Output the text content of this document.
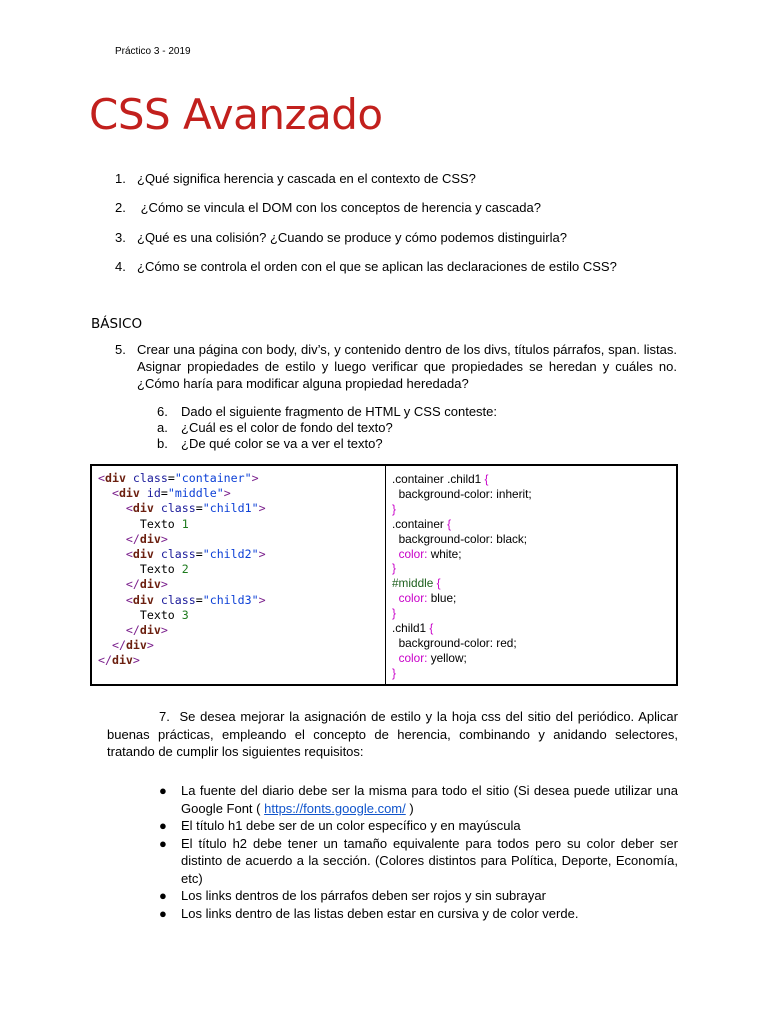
Práctico 3 - 2019
CSS Avanzado
1. ¿Qué significa herencia y cascada en el contexto de CSS?
2. ¿Cómo se vincula el DOM con los conceptos de herencia y cascada?
3. ¿Qué es una colisión? ¿Cuando se produce y cómo podemos distinguirla?
4. ¿Cómo se controla el orden con el que se aplican las declaraciones de estilo CSS?
BÁSICO
5. Crear una página con body, div’s, y contenido dentro de los divs, títulos párrafos, span. listas. Asignar propiedades de estilo y luego verificar que propiedades se heredan y cuáles no. ¿Cómo haría para modificar alguna propiedad heredada?
6. Dado el siguiente fragmento de HTML y CSS conteste:
a. ¿Cuál es el color de fondo del texto?
b. ¿De qué color se va a ver el texto?
<div class="container">
<div id="middle">
<div class="child1">
Texto 1
</div>
<div class="child2">
Texto 2
</div>
<div class="child3">
Texto 3
</div>
</div>
</div>
.container .child1 {
background-color: inherit;
}
.container {
background-color: black;
color: white;
}
#middle {
color: blue;
}
.child1 {
background-color: red;
color: yellow;
}
7. Se desea mejorar la asignación de estilo y la hoja css del sitio del periódico. Aplicar buenas prácticas, empleando el concepto de herencia, combinando y anidando selectores, tratando de cumplir los siguientes requisitos:
● La fuente del diario debe ser la misma para todo el sitio (Si desea puede utilizar una Google Font ( https://fonts.google.com/ )
● El título h1 debe ser de un color específico y en mayúscula
● El título h2 debe tener un tamaño equivalente para todos pero su color deber ser distinto de acuerdo a la sección. (Colores distintos para Política, Deporte, Economía, etc)
● Los links dentros de los párrafos deben ser rojos y sin subrayar
● Los links dentro de las listas deben estar en cursiva y de color verde.
